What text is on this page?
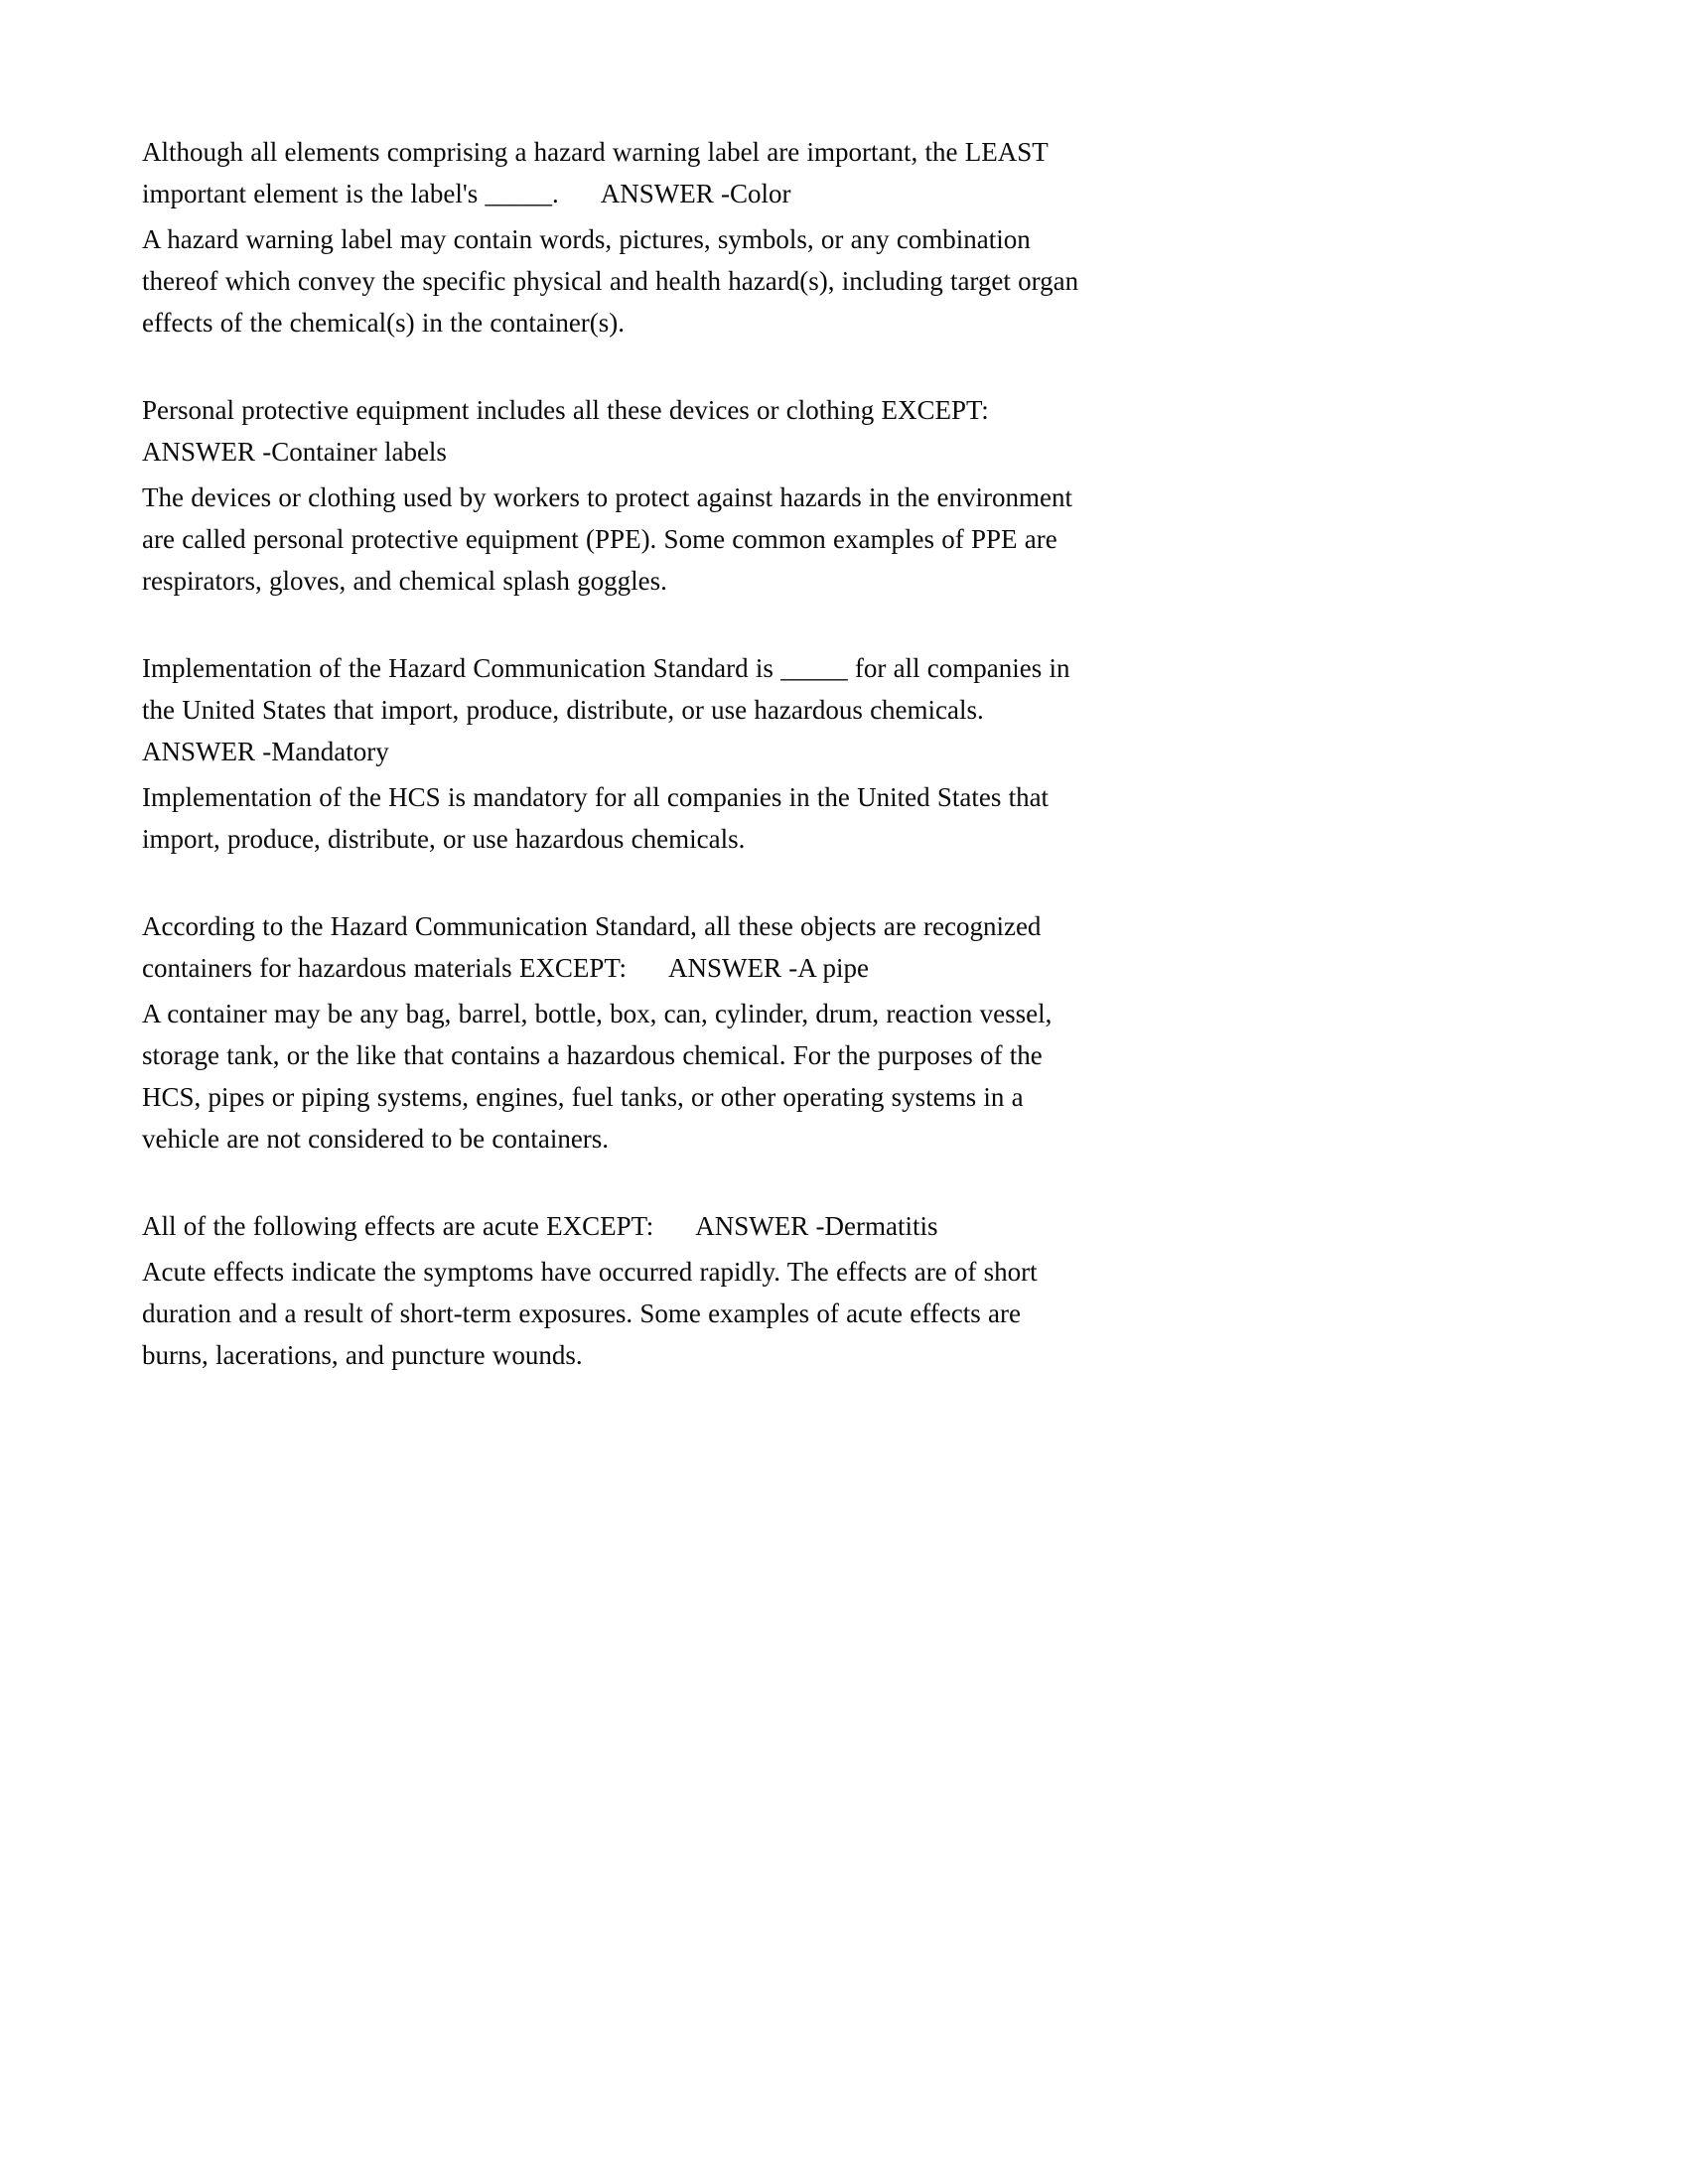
Although all elements comprising a hazard warning label are important, the LEAST important element is the label's _____.      ANSWER -Color

A hazard warning label may contain words, pictures, symbols, or any combination thereof which convey the specific physical and health hazard(s), including target organ effects of the chemical(s) in the container(s).

Personal protective equipment includes all these devices or clothing EXCEPT: ANSWER -Container labels

The devices or clothing used by workers to protect against hazards in the environment are called personal protective equipment (PPE). Some common examples of PPE are respirators, gloves, and chemical splash goggles.

Implementation of the Hazard Communication Standard is _____ for all companies in the United States that import, produce, distribute, or use hazardous chemicals. ANSWER -Mandatory

Implementation of the HCS is mandatory for all companies in the United States that import, produce, distribute, or use hazardous chemicals.

According to the Hazard Communication Standard, all these objects are recognized containers for hazardous materials EXCEPT:      ANSWER -A pipe

A container may be any bag, barrel, bottle, box, can, cylinder, drum, reaction vessel, storage tank, or the like that contains a hazardous chemical. For the purposes of the HCS, pipes or piping systems, engines, fuel tanks, or other operating systems in a vehicle are not considered to be containers.

All of the following effects are acute EXCEPT:      ANSWER -Dermatitis

Acute effects indicate the symptoms have occurred rapidly. The effects are of short duration and a result of short-term exposures. Some examples of acute effects are burns, lacerations, and puncture wounds.
